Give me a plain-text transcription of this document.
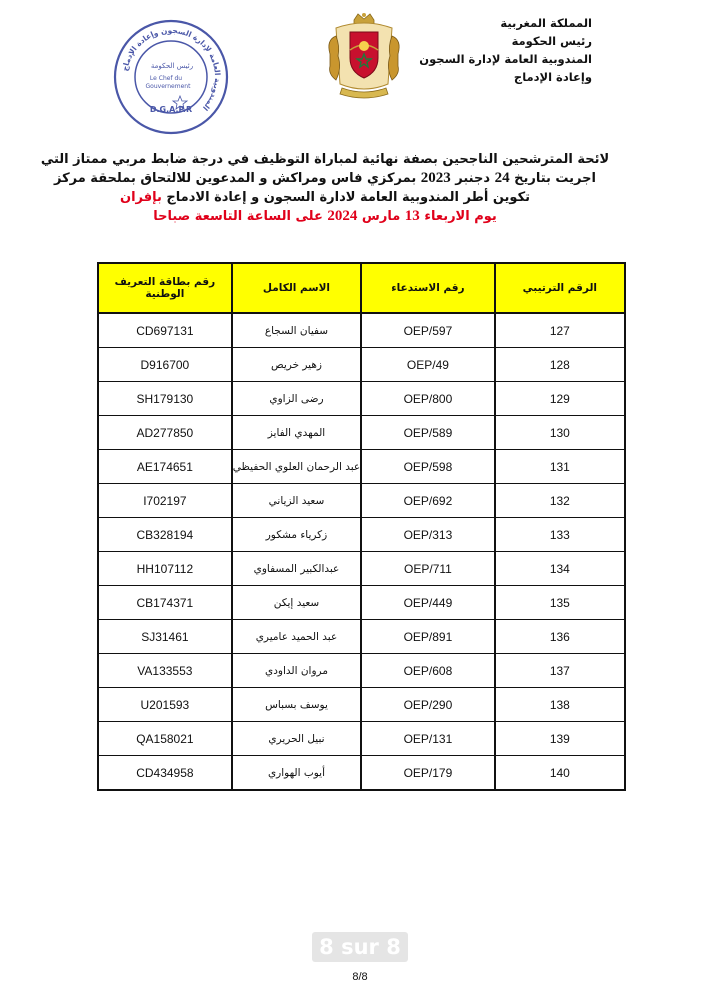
المندوبية العامة لإدارة السجون وإعادة الإدماج
D.G.A.P.R
رئيس الحكومة
Le Chef du
Gouvernement
المملكة المغربية
رئيس الحكومة
المندوبية العامة لإدارة السجون
وإعادة الإدماج
لائحة المترشحين الناجحين بصفة نهائية لمباراة التوظيف في درجة ضابط مربي ممتاز التي
اجريت بتاريخ 24 دجنبر 2023 بمركزي فاس ومراكش و المدعوين للالتحاق بملحقة مركز
تكوين أطر المندوبية العامة لادارة السجون و إعادة الادماج بإفران
يوم الاربعاء 13 مارس 2024 على الساعة التاسعة صباحا
الرقم الترتيبي	رقم الاستدعاء	الاسم الكامل	رقم بطاقة التعريف الوطنية
127	OEP/597	سفيان السجاع	CD697131
128	OEP/49	زهير خريص	D916700
129	OEP/800	رضى الزاوي	SH179130
130	OEP/589	المهدي الفايز	AD277850
131	OEP/598	عبد الرحمان العلوي الحفيظي	AE174651
132	OEP/692	سعيد الزياني	I702197
133	OEP/313	زكرياء مشكور	CB328194
134	OEP/711	عبدالكبير المسفاوي	HH107112
135	OEP/449	سعيد إيكن	CB174371
136	OEP/891	عبد الحميد عاميري	SJ31461
137	OEP/608	مروان الداودي	VA133553
138	OEP/290	يوسف بسباس	U201593
139	OEP/131	نبيل الحريري	QA158021
140	OEP/179	أيوب الهواري	CD434958
8 sur 8
8/8
